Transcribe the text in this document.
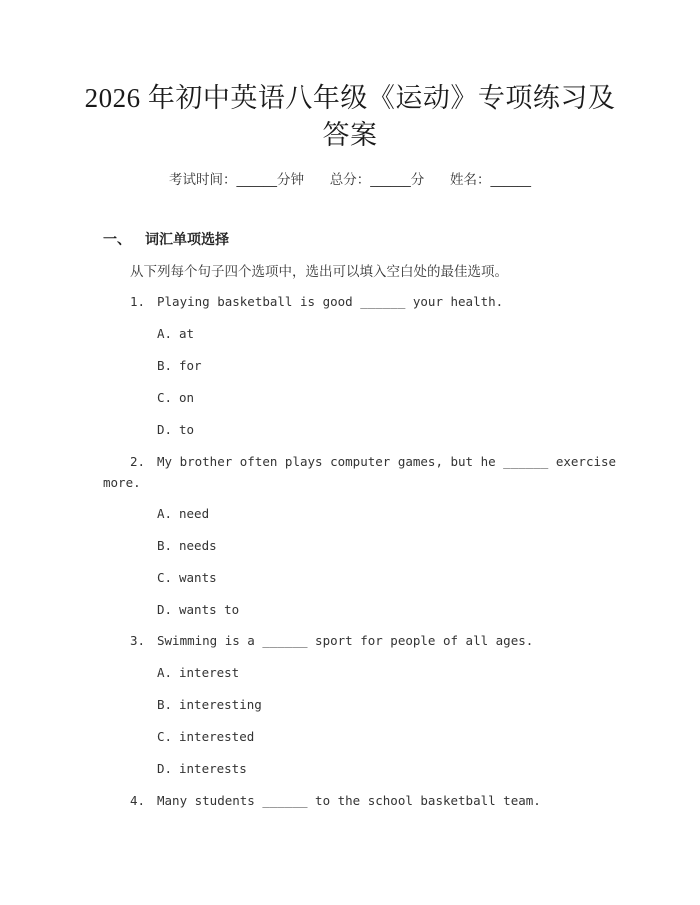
2026 年初中英语八年级《运动》专项练习及
答案
考试时间：______分钟 总分：______分 姓名：______
一、 词汇单项选择
从下列每个句子四个选项中，选出可以填入空白处的最佳选项。
1. Playing basketball is good ______ your health.
A. at
B. for
C. on
D. to
2. My brother often plays computer games, but he ______ exercise
more.
A. need
B. needs
C. wants
D. wants to
3. Swimming is a ______ sport for people of all ages.
A. interest
B. interesting
C. interested
D. interests
4. Many students ______ to the school basketball team.
